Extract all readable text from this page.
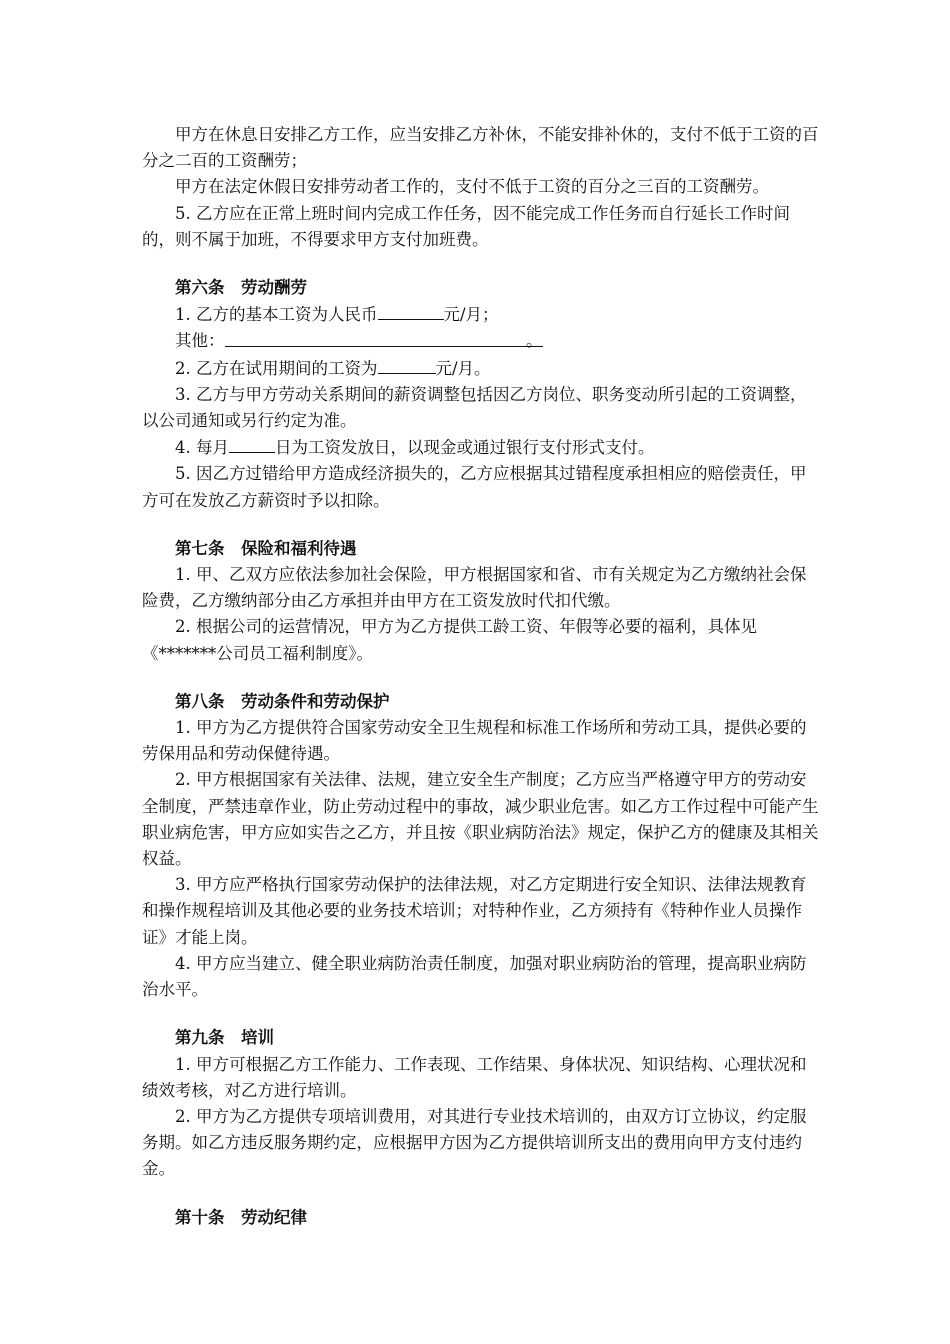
甲方在休息日安排乙方工作，应当安排乙方补休，不能安排补休的，支付不低于工资的百分之二百的工资酬劳；

甲方在法定休假日安排劳动者工作的，支付不低于工资的百分之三百的工资酬劳。

5. 乙方应在正常上班时间内完成工作任务，因不能完成工作任务而自行延长工作时间的，则不属于加班，不得要求甲方支付加班费。

第六条　劳动酬劳

1. 乙方的基本工资为人民币	元/月；

其他：	。

2. 乙方在试用期间的工资为	元/月。

3. 乙方与甲方劳动关系期间的薪资调整包括因乙方岗位、职务变动所引起的工资调整，以公司通知或另行约定为准。

4. 每月	日为工资发放日，以现金或通过银行支付形式支付。

5. 因乙方过错给甲方造成经济损失的，乙方应根据其过错程度承担相应的赔偿责任，甲方可在发放乙方薪资时予以扣除。

第七条　保险和福利待遇

1. 甲、乙双方应依法参加社会保险，甲方根据国家和省、市有关规定为乙方缴纳社会保险费，乙方缴纳部分由乙方承担并由甲方在工资发放时代扣代缴。

2. 根据公司的运营情况，甲方为乙方提供工龄工资、年假等必要的福利，具体见《*******公司员工福利制度》。

第八条　劳动条件和劳动保护

1. 甲方为乙方提供符合国家劳动安全卫生规程和标准工作场所和劳动工具，提供必要的劳保用品和劳动保健待遇。

2. 甲方根据国家有关法律、法规，建立安全生产制度；乙方应当严格遵守甲方的劳动安全制度，严禁违章作业，防止劳动过程中的事故，减少职业危害。如乙方工作过程中可能产生职业病危害，甲方应如实告之乙方，并且按《职业病防治法》规定，保护乙方的健康及其相关权益。

3. 甲方应严格执行国家劳动保护的法律法规，对乙方定期进行安全知识、法律法规教育和操作规程培训及其他必要的业务技术培训；对特种作业，乙方须持有《特种作业人员操作证》才能上岗。

4. 甲方应当建立、健全职业病防治责任制度，加强对职业病防治的管理，提高职业病防治水平。

第九条　培训

1. 甲方可根据乙方工作能力、工作表现、工作结果、身体状况、知识结构、心理状况和绩效考核，对乙方进行培训。

2. 甲方为乙方提供专项培训费用，对其进行专业技术培训的，由双方订立协议，约定服务期。如乙方违反服务期约定，应根据甲方因为乙方提供培训所支出的费用向甲方支付违约金。

第十条　劳动纪律
